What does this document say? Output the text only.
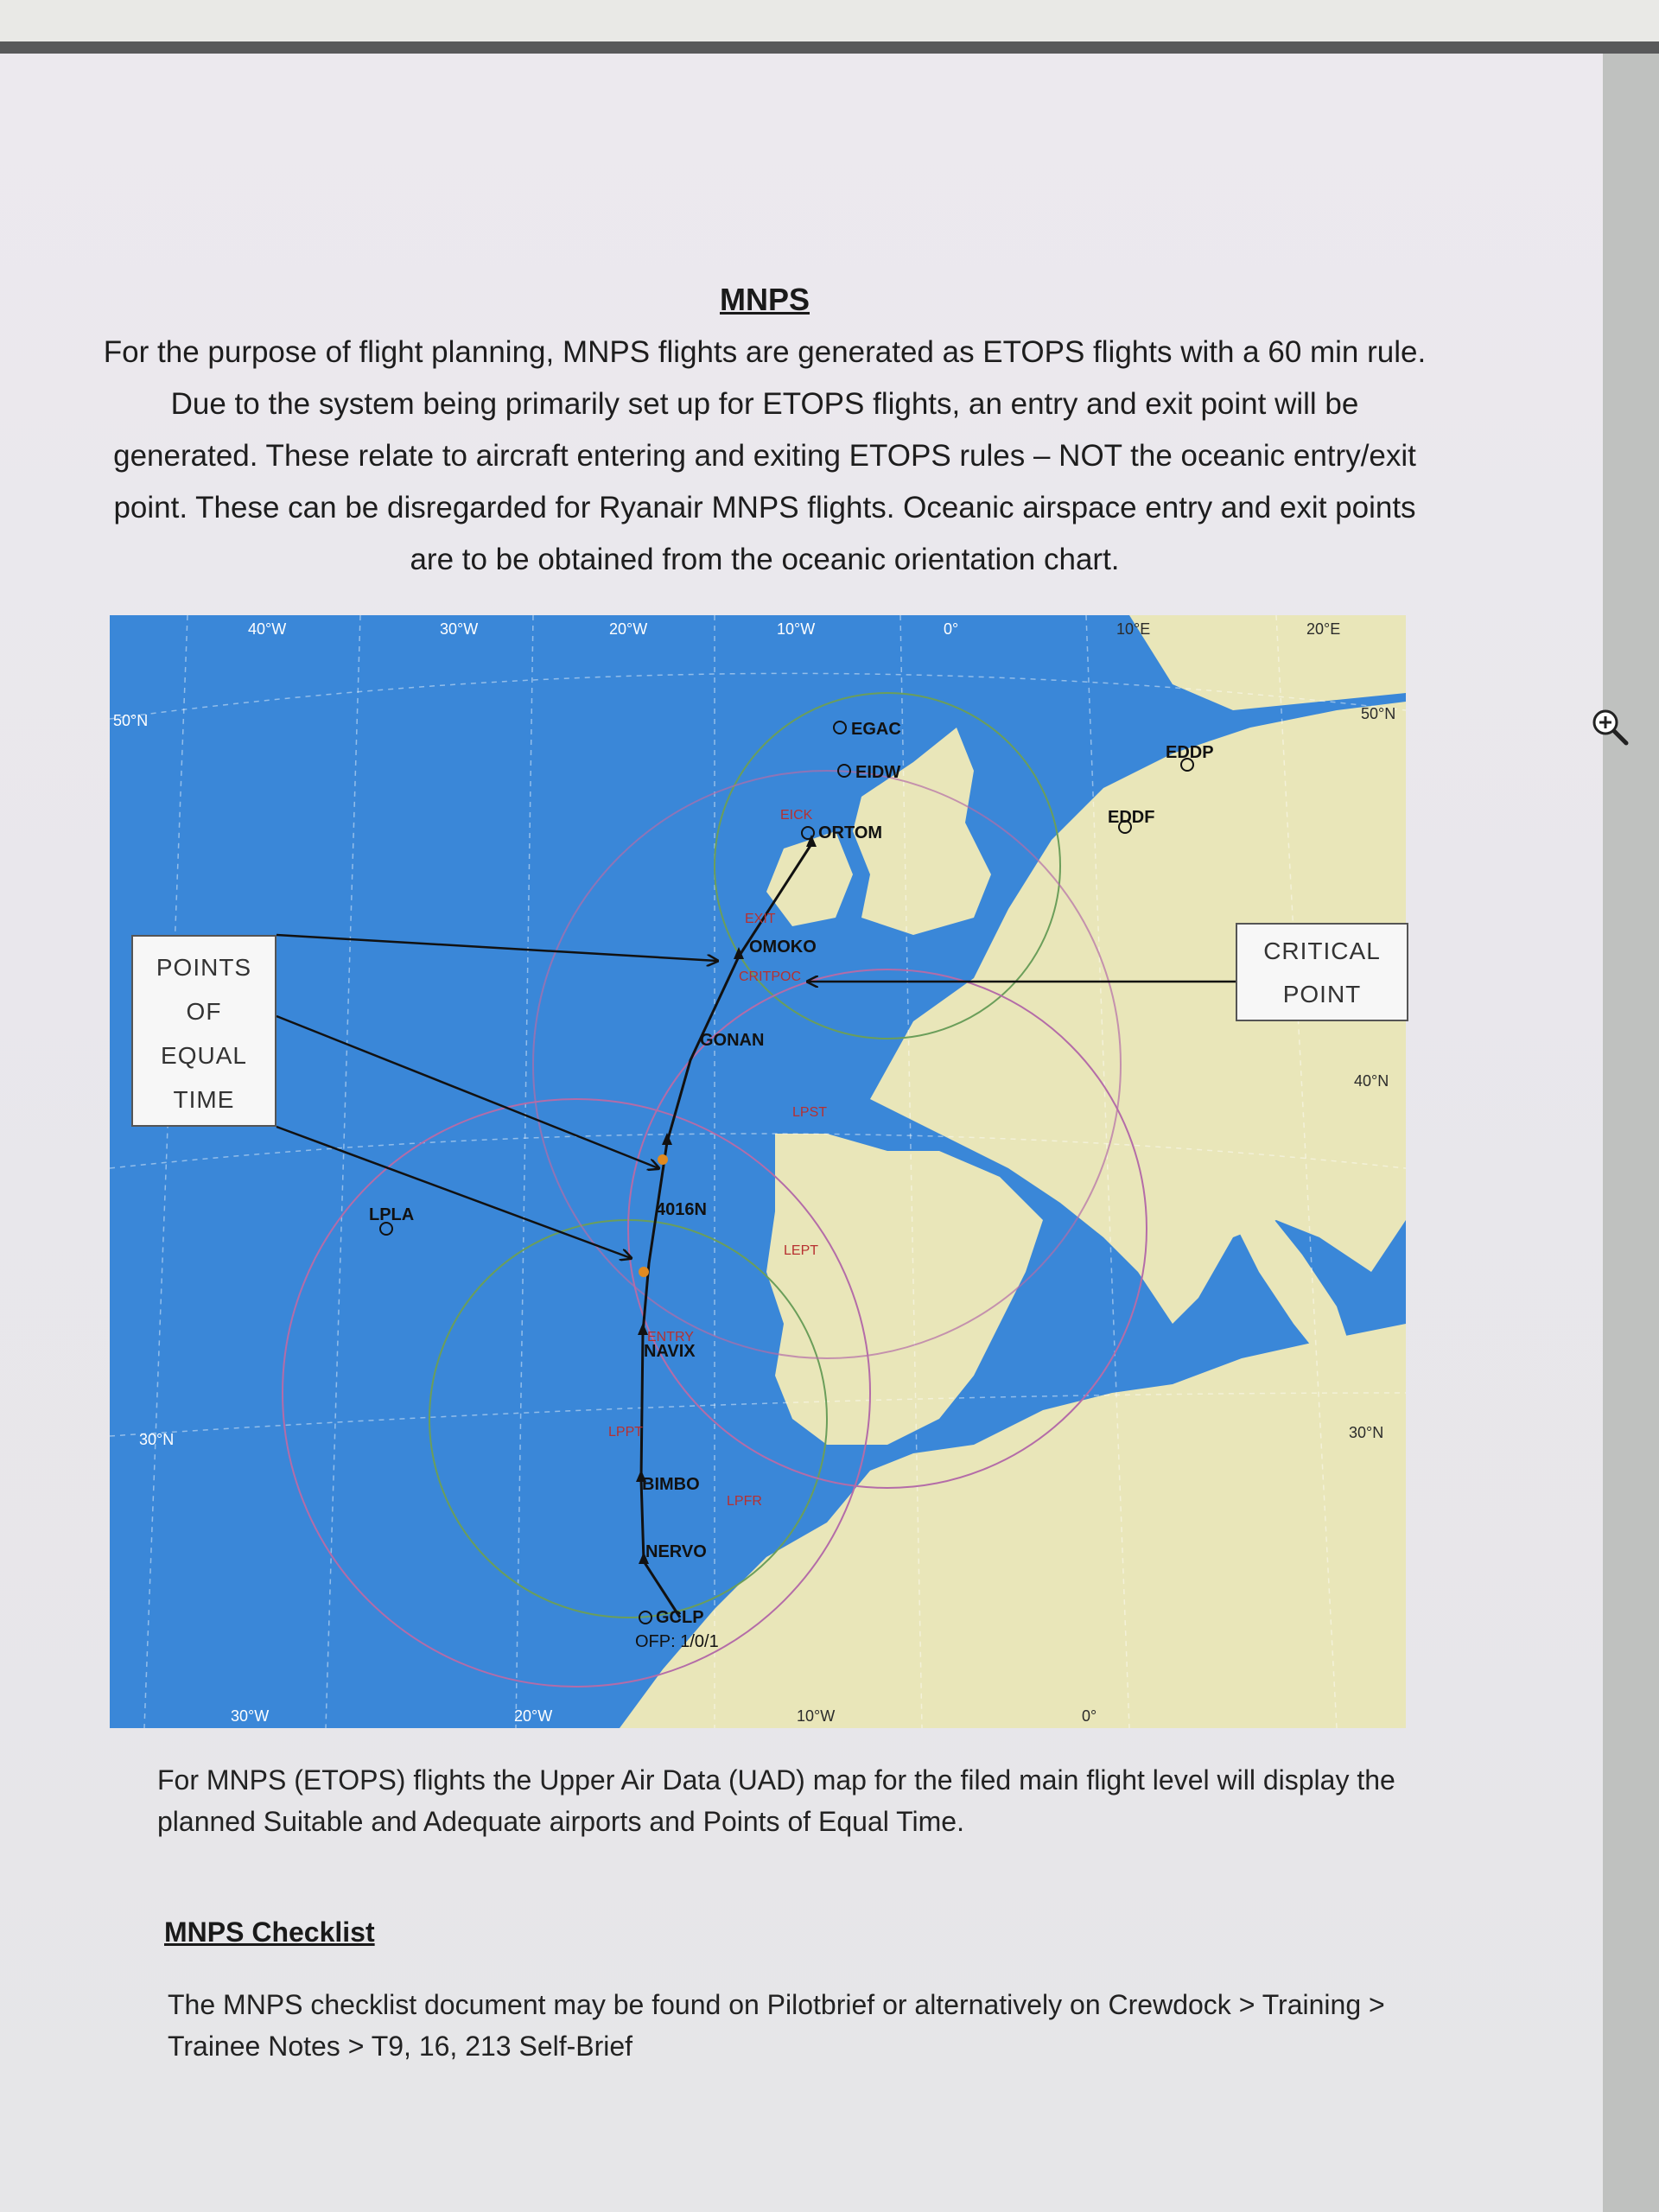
MNPS
For the purpose of flight planning, MNPS flights are generated as ETOPS flights with a 60 min rule. Due to the system being primarily set up for ETOPS flights, an entry and exit point will be generated. These relate to aircraft entering and exiting ETOPS rules – NOT the oceanic entry/exit point. These can be disregarded for Ryanair MNPS flights. Oceanic airspace entry and exit points are to be obtained from the oceanic orientation chart.
40°W	30°W	20°W	10°W	0°	10°E	20°E
30°W	20°W	10°W	0°
50°N
30°N
50°N
40°N
30°N
EGAC
EIDW
EICK
ORTOM
EXIT
OMOKO
CRITPOC
GONAN
LPST
4016N
LEPT
ENTRY
NAVIX
LPPT
BIMBO
NERVO
GCLP
OFP: 1/0/1
LPLA
EDDF
EDDP
LPFR
POINTS
OF
EQUAL
TIME
CRITICAL
POINT
For MNPS (ETOPS) flights the Upper Air Data (UAD) map for the filed main flight level will display the planned Suitable and Adequate airports and Points of Equal Time.
MNPS Checklist
The MNPS checklist document may be found on Pilotbrief or alternatively on Crewdock > Training > Trainee Notes > T9, 16, 213 Self-Brief
